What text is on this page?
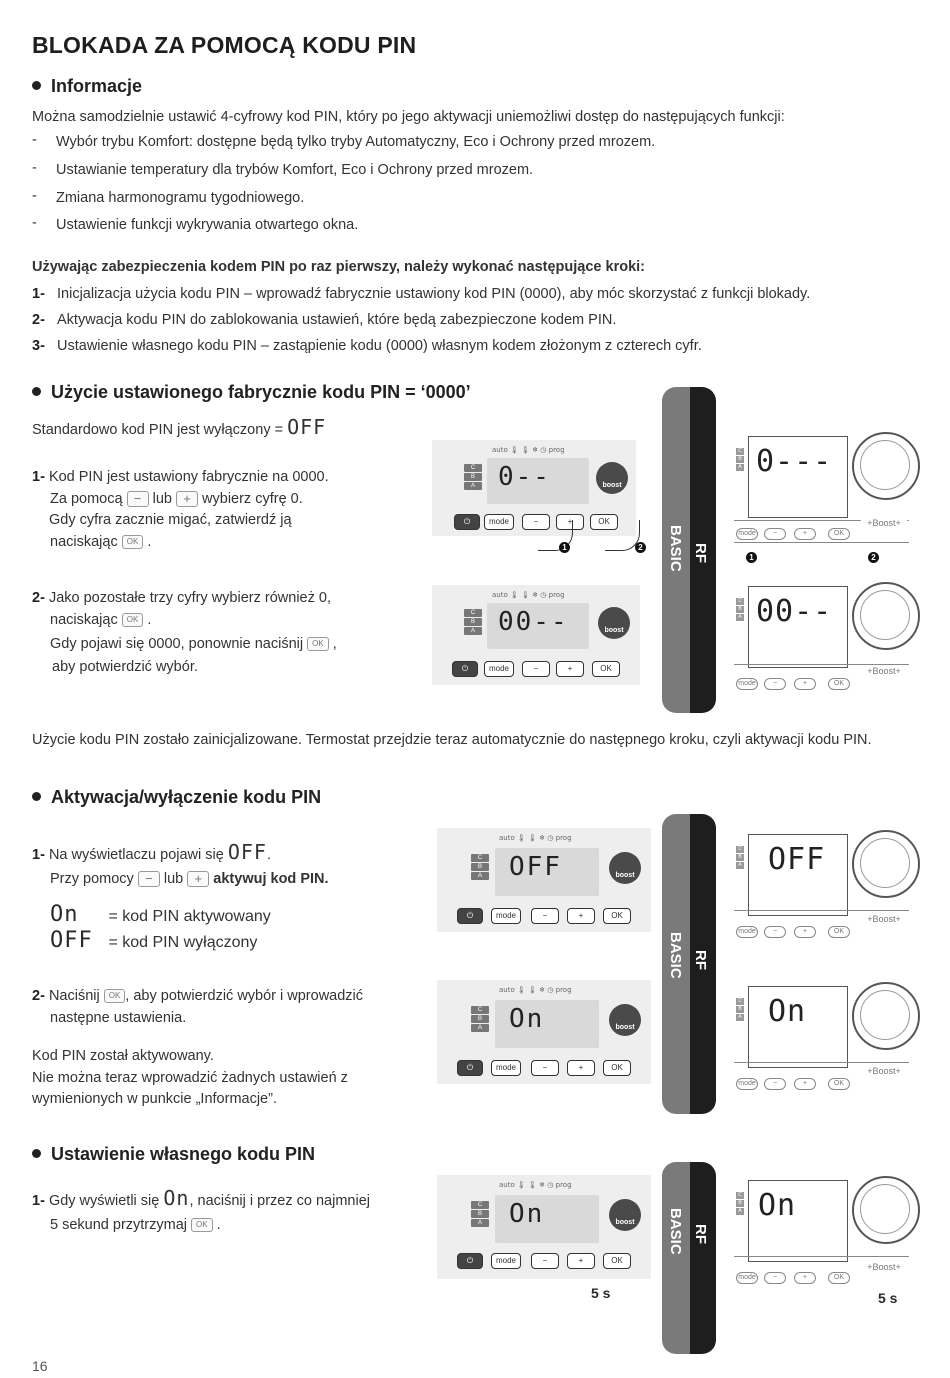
BLOKADA ZA POMOCĄ KODU PIN
Informacje
Można samodzielnie ustawić 4-cyfrowy kod PIN, który po jego aktywacji uniemożliwi dostęp do następujących funkcji:
- Wybór trybu Komfort: dostępne będą tylko tryby Automatyczny, Eco i Ochrony przed mrozem.
- Ustawianie temperatury dla trybów Komfort, Eco i Ochrony przed mrozem.
- Zmiana harmonogramu tygodniowego.
- Ustawienie funkcji wykrywania otwartego okna.
Używając zabezpieczenia kodem PIN po raz pierwszy, należy wykonać następujące kroki:
1- Inicjalizacja użycia kodu PIN – wprowadź fabrycznie ustawiony kod PIN (0000), aby móc skorzystać z funkcji blokady.
2- Aktywacja kodu PIN do zablokowania ustawień, które będą zabezpieczone kodem PIN.
3- Ustawienie własnego kodu PIN – zastąpienie kodu (0000) własnym kodem złożonym z czterech cyfr.
Użycie ustawionego fabrycznie kodu PIN = ‘0000’
Standardowo kod PIN jest wyłączony = OFF
1- Kod PIN jest ustawiony fabrycznie na 0000.
Za pomocą − lub + wybierz cyfrę 0.
Gdy cyfra zacznie migać, zatwierdź ją
naciskając OK .
2- Jako pozostałe trzy cyfry wybierz również 0,
naciskając OK .
Gdy pojawi się 0000, ponownie naciśnij OK ,
aby potwierdzić wybór.
Użycie kodu PIN zostało zainicjalizowane. Termostat przejdzie teraz automatycznie do następnego kroku, czyli aktywacji kodu PIN.
Aktywacja/wyłączenie kodu PIN
1- Na wyświetlaczu pojawi się OFF.
Przy pomocy − lub + aktywuj kod PIN.
On = kod PIN aktywowany
OFF = kod PIN wyłączony
2- Naciśnij OK , aby potwierdzić wybór i wprowadzić
następne ustawienia.
Kod PIN został aktywowany.
Nie można teraz wprowadzić żadnych ustawień z
wymienionych w punkcie „Informacje”.
Ustawienie własnego kodu PIN
1- Gdy wyświetli się On, naciśnij i przez co najmniej
5 sekund przytrzymaj OK .
16
auto 🌡 🌡 ❄ ◷ prog
C
B
A 0--	boost
⏻	mode	−	+	OK
1	2
auto 🌡 🌡 ❄ ◷ prog
C
B
A 00--	boost
⏻	mode	−	+	OK
auto 🌡 🌡 ❄ ◷ prog
C
B
A OFF	boost
⏻	mode	−	+	OK
auto 🌡 🌡 ❄ ◷ prog
C
B
A On	boost
⏻	mode	−	+	OK
auto 🌡 🌡 ❄ ◷ prog
C
B
A On	boost
⏻	mode	−	+	OK
5 s
BASIC RF
BASIC RF
BASIC RF
C
B
A 0---
mode	−	+	OK
+Boost+
1	2
C
B
A 00--
mode	−	+	OK
+Boost+
C
B
A OFF
mode	−	+	OK
+Boost+
C
B
A On
mode	−	+	OK
+Boost+
C
B
A On
mode	−	+	OK
+Boost+
5 s
